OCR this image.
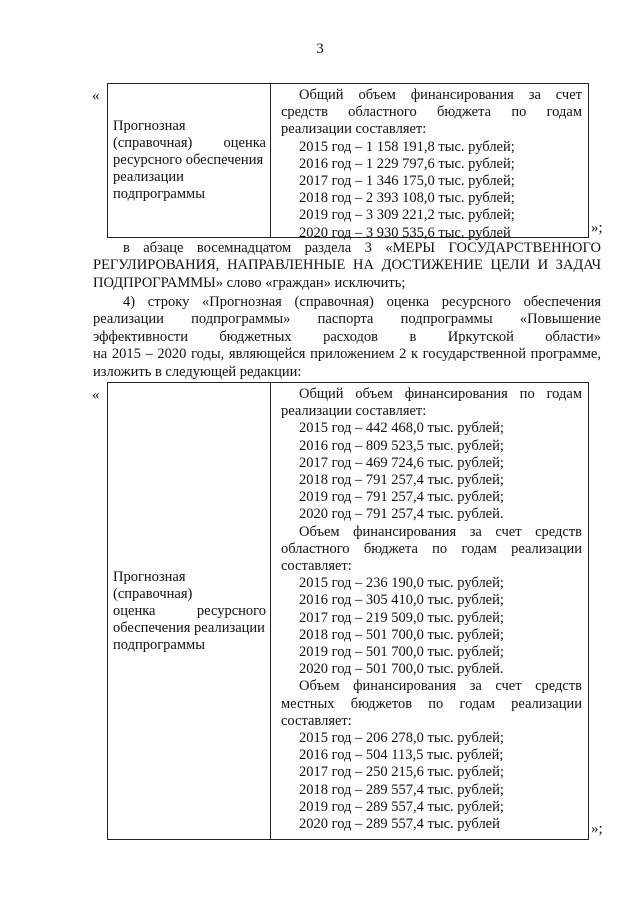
3
«
Прогнозная
(справочная) оценка
ресурсного обеспечения
реализации
подпрограммы
Общий объем финансирования за счет
средств областного бюджета по годам
реализации составляет:
2015 год – 1 158 191,8 тыс. рублей;
2016 год – 1 229 797,6 тыс. рублей;
2017 год – 1 346 175,0 тыс. рублей;
2018 год – 2 393 108,0 тыс. рублей;
2019 год – 3 309 221,2 тыс. рублей;
2020 год – 3 930 535,6 тыс. рублей	»;
в абзаце восемнадцатом раздела 3 «МЕРЫ ГОСУДАРСТВЕННОГО
РЕГУЛИРОВАНИЯ, НАПРАВЛЕННЫЕ НА ДОСТИЖЕНИЕ ЦЕЛИ И ЗАДАЧ
ПОДПРОГРАММЫ» слово «граждан» исключить;
4) строку «Прогнозная (справочная) оценка ресурсного обеспечения
реализации подпрограммы» паспорта подпрограммы «Повышение
эффективности бюджетных расходов в Иркутской области»
на 2015 – 2020 годы, являющейся приложением 2 к государственной программе,
изложить в следующей редакции:
«
Прогнозная (справочная)
оценка ресурсного
обеспечения реализации
подпрограммы
Общий объем финансирования по годам
реализации составляет:
2015 год – 442 468,0 тыс. рублей;
2016 год – 809 523,5 тыс. рублей;
2017 год – 469 724,6 тыс. рублей;
2018 год – 791 257,4 тыс. рублей;
2019 год – 791 257,4 тыс. рублей;
2020 год – 791 257,4 тыс. рублей.
Объем финансирования за счет средств
областного бюджета по годам реализации
составляет:
2015 год – 236 190,0 тыс. рублей;
2016 год – 305 410,0 тыс. рублей;
2017 год – 219 509,0 тыс. рублей;
2018 год – 501 700,0 тыс. рублей;
2019 год – 501 700,0 тыс. рублей;
2020 год – 501 700,0 тыс. рублей.
Объем финансирования за счет средств
местных бюджетов по годам реализации
составляет:
2015 год – 206 278,0 тыс. рублей;
2016 год – 504 113,5 тыс. рублей;
2017 год – 250 215,6 тыс. рублей;
2018 год – 289 557,4 тыс. рублей;
2019 год – 289 557,4 тыс. рублей;
2020 год – 289 557,4 тыс. рублей	»;
